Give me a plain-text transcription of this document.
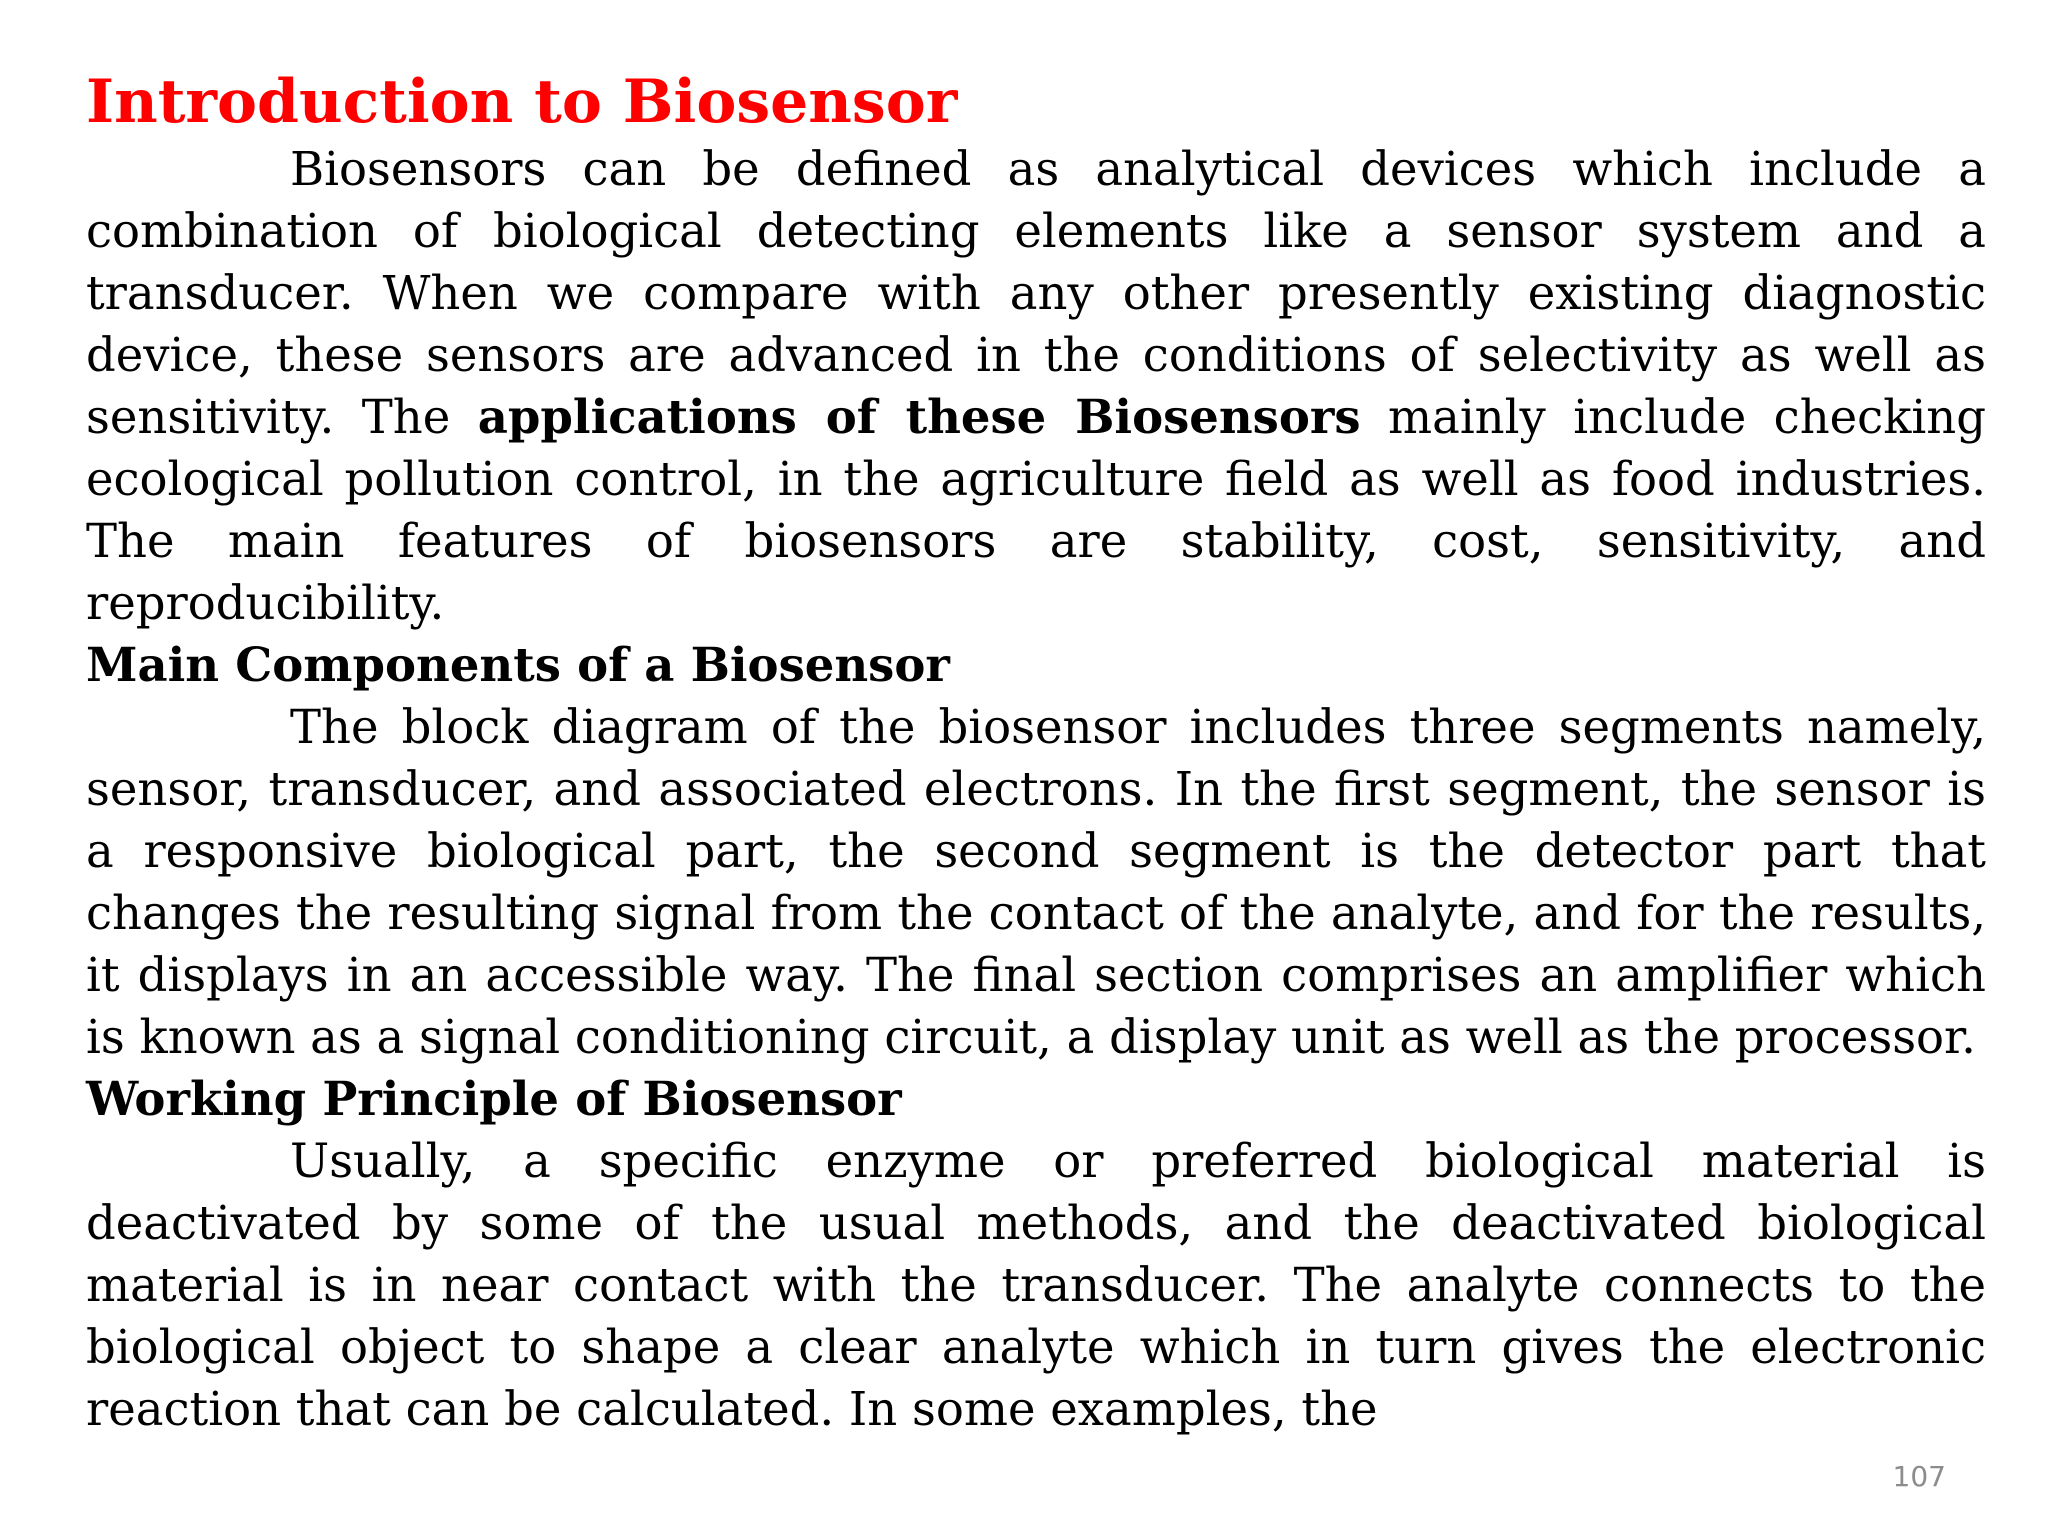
Introduction to Biosensor

Biosensors can be defined as analytical devices which include a combination of biological detecting elements like a sensor system and a transducer. When we compare with any other presently existing diagnostic device, these sensors are advanced in the conditions of selectivity as well as sensitivity. The applications of these Biosensors mainly include checking ecological pollution control, in the agriculture field as well as food industries. The main features of biosensors are stability, cost, sensitivity, and reproducibility.

Main Components of a Biosensor

The block diagram of the biosensor includes three segments namely, sensor, transducer, and associated electrons. In the first segment, the sensor is a responsive biological part, the second segment is the detector part that changes the resulting signal from the contact of the analyte, and for the results, it displays in an accessible way. The final section comprises an amplifier which is known as a signal conditioning circuit, a display unit as well as the processor.

Working Principle of Biosensor

Usually, a specific enzyme or preferred biological material is deactivated by some of the usual methods, and the deactivated biological material is in near contact with the transducer. The analyte connects to the biological object to shape a clear analyte which in turn gives the electronic reaction that can be calculated. In some examples, the

107
